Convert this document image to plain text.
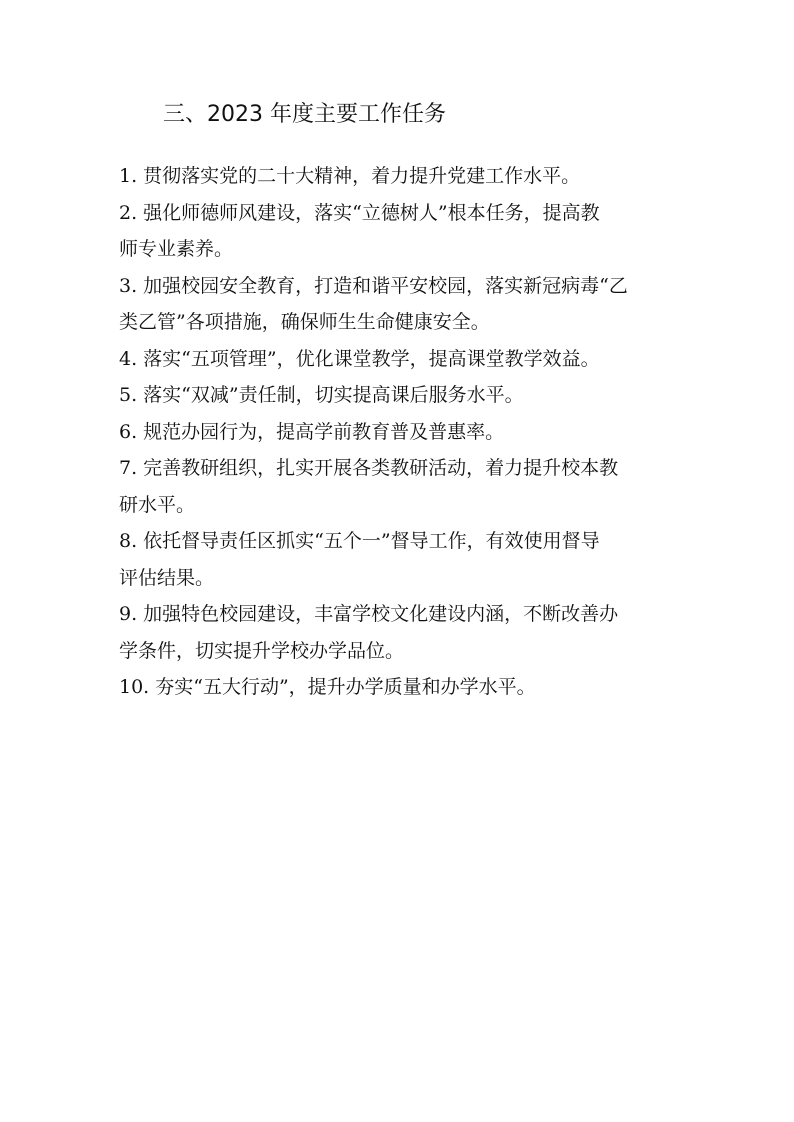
三、2023 年度主要工作任务
1. 贯彻落实党的二十大精神，着力提升党建工作水平。
2. 强化师德师风建设，落实“立德树人”根本任务，提高教
师专业素养。
3. 加强校园安全教育，打造和谐平安校园，落实新冠病毒“乙
类乙管”各项措施，确保师生生命健康安全。
4. 落实“五项管理”，优化课堂教学，提高课堂教学效益。
5. 落实“双减”责任制，切实提高课后服务水平。
6. 规范办园行为，提高学前教育普及普惠率。
7. 完善教研组织，扎实开展各类教研活动，着力提升校本教
研水平。
8. 依托督导责任区抓实“五个一”督导工作，有效使用督导
评估结果。
9. 加强特色校园建设，丰富学校文化建设内涵，不断改善办
学条件，切实提升学校办学品位。
10. 夯实“五大行动”，提升办学质量和办学水平。
